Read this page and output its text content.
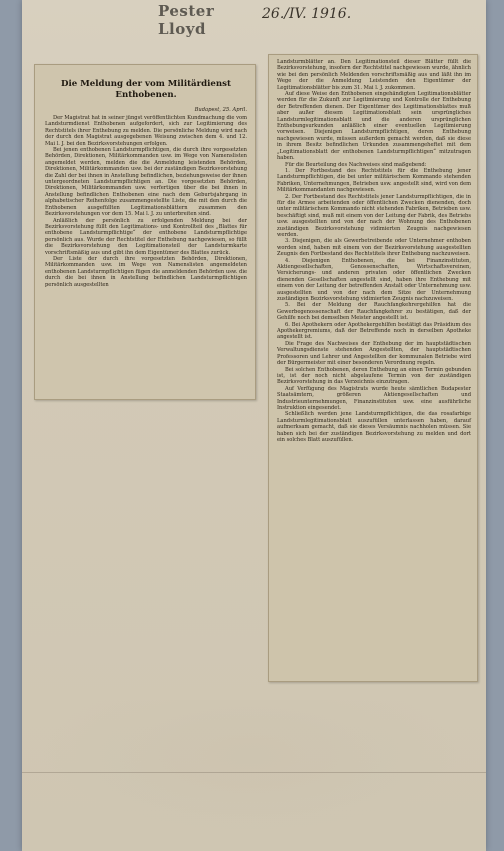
Pester Lloyd
26./IV. 1916.
Die Meldung der vom Militärdienst Enthobenen.
Budapest, 25. April.

Der Magistrat hat in seiner jüngst veröffentlichten Kundmachung die vom Landsturmdienst Enthobenen aufgefordert, sich zur Legitimierung des Rechtstitels ihrer Enthebung zu melden. Die persönliche Meldung wird nach der durch den Magistrat ausgegebenen Weisung zwischen dem 4. und 12. Mai l. J. bei den Bezirksvorstehungen erfolgen.

Bei jenen enthobenen Landsturmpflichtigen, die durch ihre vorgesetzten Behörden, Direktionen, Militärkommanden usw. im Wege von Namenslisten angemeldet werden, melden die die Anmeldung leistenden Behörden, Direktionen, Militärkommanden usw. bei der zuständigen Bezirksvorstehung die Zahl der bei ihnen in Anstellung befindlichen, beziehungsweise der ihnen untergeordneten Landsturmpflichtigen an. Die vorgesetzten Behörden, Direktionen, Militärkommanden usw. verfertigen über die bei ihnen in Anstellung befindlichen Enthobenen eine nach dem Geburtsjahrgang in alphabetischer Reihenfolge zusammengestellte Liste, die mit den durch die Enthobenen ausgefüllten Legitimationsblättern zusammen den Bezirksvorstehungen vor dem 15. Mai l. J. zu unterbreiten sind.

Anläßlich der persönlich zu erfolgenden Meldung bei der Bezirksvorstehung füllt den Legitimations- und Kontrollteil des „Blattes für enthobene Landsturmpflichtige“ der enthobene Landsturmpflichtige persönlich aus. Wurde der Rechtstitel der Enthebung nachgewiesen, so füllt die Bezirksvorstehung den Legitimationsteil der Landsturmkarte vorschriftsmäßig aus und gibt ihn dem Eigentümer des Blattes zurück.

Der Liste der durch ihre vorgesetzten Behörden, Direktionen, Militärkommanden usw. im Wege von Namenslisten angemeldeten enthobenen Landsturmpflichtigen fügen die anmeldenden Behörden usw. die durch die bei ihnen in Anstellung befindlichen Landsturmpflichtigen persönlich ausgestellten

Landsturmblätter an. Den Legitimationsteil dieser Blätter füllt die Bezirksvorstehung, insofern der Rechtstitel nachgewiesen wurde, ähnlich wie bei den persönlich Meldenden vorschriftsmäßig aus und läßt ihn im Wege der die Anmeldung Leistenden den Eigentümer der Legitimationsblätter bis zum 31. Mai l. J. zukommen.

Auf diese Weise den Enthobenen eingehändigten Legitimationsblätter werden für die Zukunft zur Legitimierung und Kontrolle der Enthebung der Betreffenden dienen. Der Eigentümer des Legitimationsblattes muß aber außer diesem Legitimationsblatt sein ursprüngliches Landsturmlegitimationsblatt und die anderen ursprünglichen Enthebungsurkunden anläßlich einer eventuellen Legitimierung vorweisen. Diejenigen Landsturmpflichtigen, deren Enthebung nachgewiesen wurde, müssen außerdem gemacht werden, daß sie diese in ihrem Besitz befindlichen Urkunden zusammengeheftet mit dem „Legitimationsblatt der enthobenen Landsturmpflichtigen“ mitzutragen haben.

Für die Beurteilung des Nachweises sind maßgebend:

1. Der Fortbestand des Rechtstitels für die Enthebung jener Landsturmpflichtigen, die bei unter militärischem Kommando stehenden Fabriken, Unternehmungen, Betrieben usw. angestellt sind, wird von dem Militärkommandanten nachgewiesen.

2. Der Fortbestand des Rechtstitels jener Landsturmpflichtigen, die in für die Armee arbeitenden oder öffentlichen Zwecken dienenden, doch unter militärischem Kommando nicht stehenden Fabriken, Betrieben usw. beschäftigt sind, muß mit einem von der Leitung der Fabrik, des Betriebs usw. ausgestellten und von der nach der Wohnung des Enthobenen zuständigen Bezirksvorstehung vidimierten Zeugnis nachgewiesen werden.

3. Diejenigen, die als Gewerbetreibende oder Unternehmer enthoben worden sind, haben mit einem von der Bezirksvorstehung ausgestellten Zeugnis den Fortbestand des Rechtstitels ihrer Enthebung nachzuweisen.

4. Diejenigen Enthobenen, die bei Finanzinstituten, Aktiengesellschaften, Genossenschaften, Wirtschaftsvereinen, Versicherungs- und anderen privaten oder öffentlichen Zwecken dienenden Gesellschaften angestellt sind, haben ihre Enthebung mit einem von der Leitung der betreffenden Anstalt oder Unternehmung usw. ausgestellten und von der nach dem Sitze der Unternehmung zuständigen Bezirksvorstehung vidimierten Zeugnis nachzuweisen.

5. Bei der Meldung der Rauchfangkehrergehilfen hat die Gewerbegenossenschaft der Rauchfangkehrer zu bestätigen, daß der Gehilfe noch bei demselben Meister angestellt ist.

6. Bei Apothekern oder Apothekergehilfen bestätigt das Präsidium des Apothekergremiums, daß der Betreffende noch in derselben Apotheke angestellt ist.

Die Frage des Nachweises der Enthebung der im hauptstädtischen Verwaltungsdienste stehenden Angestellten, der hauptstädtischen Professoren und Lehrer und Angestellten der kommunalen Betriebe wird der Bürgermeister mit einer besonderen Verordnung regeln.

Bei solchen Enthobenen, deren Enthebung an einen Termin gebunden ist, ist der noch nicht abgelaufene Termin von der zuständigen Bezirksvorstehung in das Verzeichnis einzutragen.

Auf Verfügung des Magistrats wurde heute sämtlichen Budapester Staatsämtern, größeren Aktiengesellschaften und Industrieunternehmungen, Finanzinstituten usw. eine ausführliche Instruktion eingesendet.

Schließlich werden jene Landsturmpflichtigen, die das rosafarbige Landsturmlegitimationsblatt auszufüllen unterlassen haben, darauf aufmerksam gemacht, daß sie dieses Versäumnis nachholen müssen. Sie haben sich bei der zuständigen Bezirksvorstehung zu melden und dort ein solches Blatt auszufüllen.
